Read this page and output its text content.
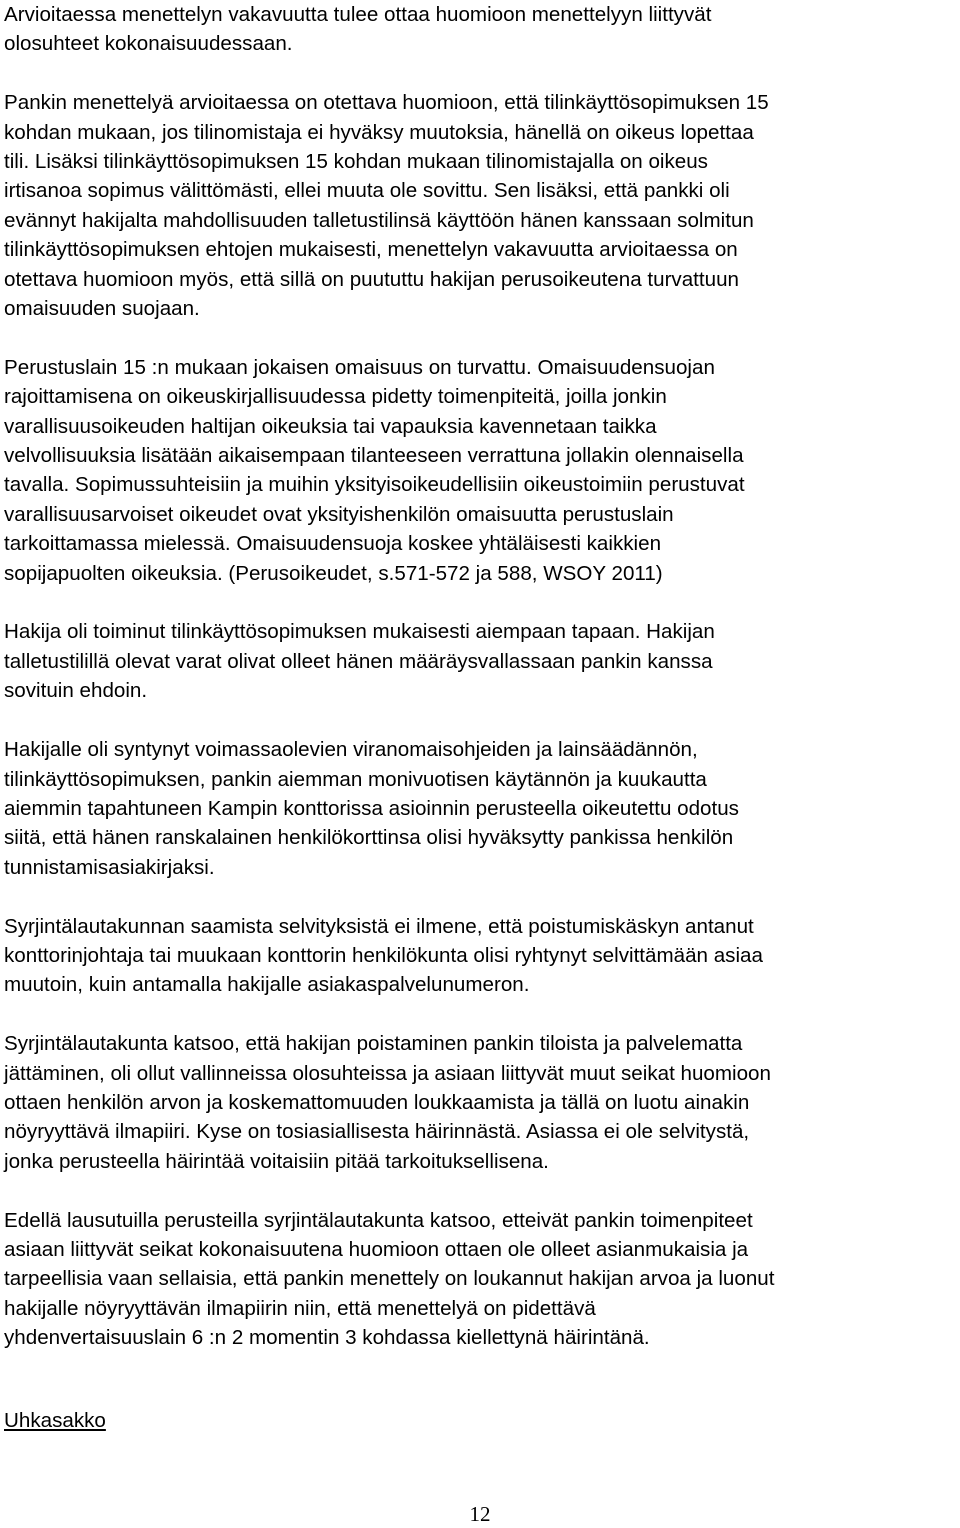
Arvioitaessa menettelyn vakavuutta tulee ottaa huomioon menettelyyn liittyvät
olosuhteet kokonaisuudessaan.
Pankin menettelyä arvioitaessa on otettava huomioon, että tilinkäyttösopimuksen 15
kohdan mukaan, jos tilinomistaja ei hyväksy muutoksia, hänellä on oikeus lopettaa
tili. Lisäksi tilinkäyttösopimuksen 15 kohdan mukaan tilinomistajalla on oikeus
irtisanoa sopimus välittömästi, ellei muuta ole sovittu. Sen lisäksi, että pankki oli
evännyt hakijalta mahdollisuuden talletustilinsä käyttöön hänen kanssaan solmitun
tilinkäyttösopimuksen ehtojen mukaisesti, menettelyn vakavuutta arvioitaessa on
otettava huomioon myös, että sillä on puututtu hakijan perusoikeutena turvattuun
omaisuuden suojaan.
Perustuslain 15 :n mukaan jokaisen omaisuus on turvattu. Omaisuudensuojan
rajoittamisena on oikeuskirjallisuudessa pidetty toimenpiteitä, joilla jonkin
varallisuusoikeuden haltijan oikeuksia tai vapauksia kavennetaan taikka
velvollisuuksia lisätään aikaisempaan tilanteeseen verrattuna jollakin olennaisella
tavalla. Sopimussuhteisiin ja muihin yksityisoikeudellisiin oikeustoimiin perustuvat
varallisuusarvoiset oikeudet ovat yksityishenkilön omaisuutta perustuslain
tarkoittamassa mielessä. Omaisuudensuoja koskee yhtäläisesti kaikkien
sopijapuolten oikeuksia. (Perusoikeudet, s.571-572 ja 588, WSOY 2011)
Hakija oli toiminut tilinkäyttösopimuksen mukaisesti aiempaan tapaan. Hakijan
talletustilillä olevat varat olivat olleet hänen määräysvallassaan pankin kanssa
sovituin ehdoin.
Hakijalle oli syntynyt voimassaolevien viranomaisohjeiden ja lainsäädännön,
tilinkäyttösopimuksen, pankin aiemman monivuotisen käytännön ja kuukautta
aiemmin tapahtuneen Kampin konttorissa asioinnin perusteella oikeutettu odotus
siitä, että hänen ranskalainen henkilökorttinsa olisi hyväksytty pankissa henkilön
tunnistamisasiakirjaksi.
Syrjintälautakunnan saamista selvityksistä ei ilmene, että poistumiskäskyn antanut
konttorinjohtaja tai muukaan konttorin henkilökunta olisi ryhtynyt selvittämään asiaa
muutoin, kuin antamalla hakijalle asiakaspalvelunumeron.
Syrjintälautakunta katsoo, että hakijan poistaminen pankin tiloista ja palvelematta
jättäminen, oli ollut vallinneissa olosuhteissa ja asiaan liittyvät muut seikat huomioon
ottaen henkilön arvon ja koskemattomuuden loukkaamista ja tällä on luotu ainakin
nöyryyttävä ilmapiiri. Kyse on tosiasiallisesta häirinnästä. Asiassa ei ole selvitystä,
jonka perusteella häirintää voitaisiin pitää tarkoituksellisena.
Edellä lausutuilla perusteilla syrjintälautakunta katsoo, etteivät pankin toimenpiteet
asiaan liittyvät seikat kokonaisuutena huomioon ottaen ole olleet asianmukaisia ja
tarpeellisia vaan sellaisia, että pankin menettely on loukannut hakijan arvoa ja luonut
hakijalle nöyryyttävän ilmapiirin niin, että menettelyä on pidettävä
yhdenvertaisuuslain 6 :n 2 momentin 3 kohdassa kiellettynä häirintänä.
Uhkasakko
12
